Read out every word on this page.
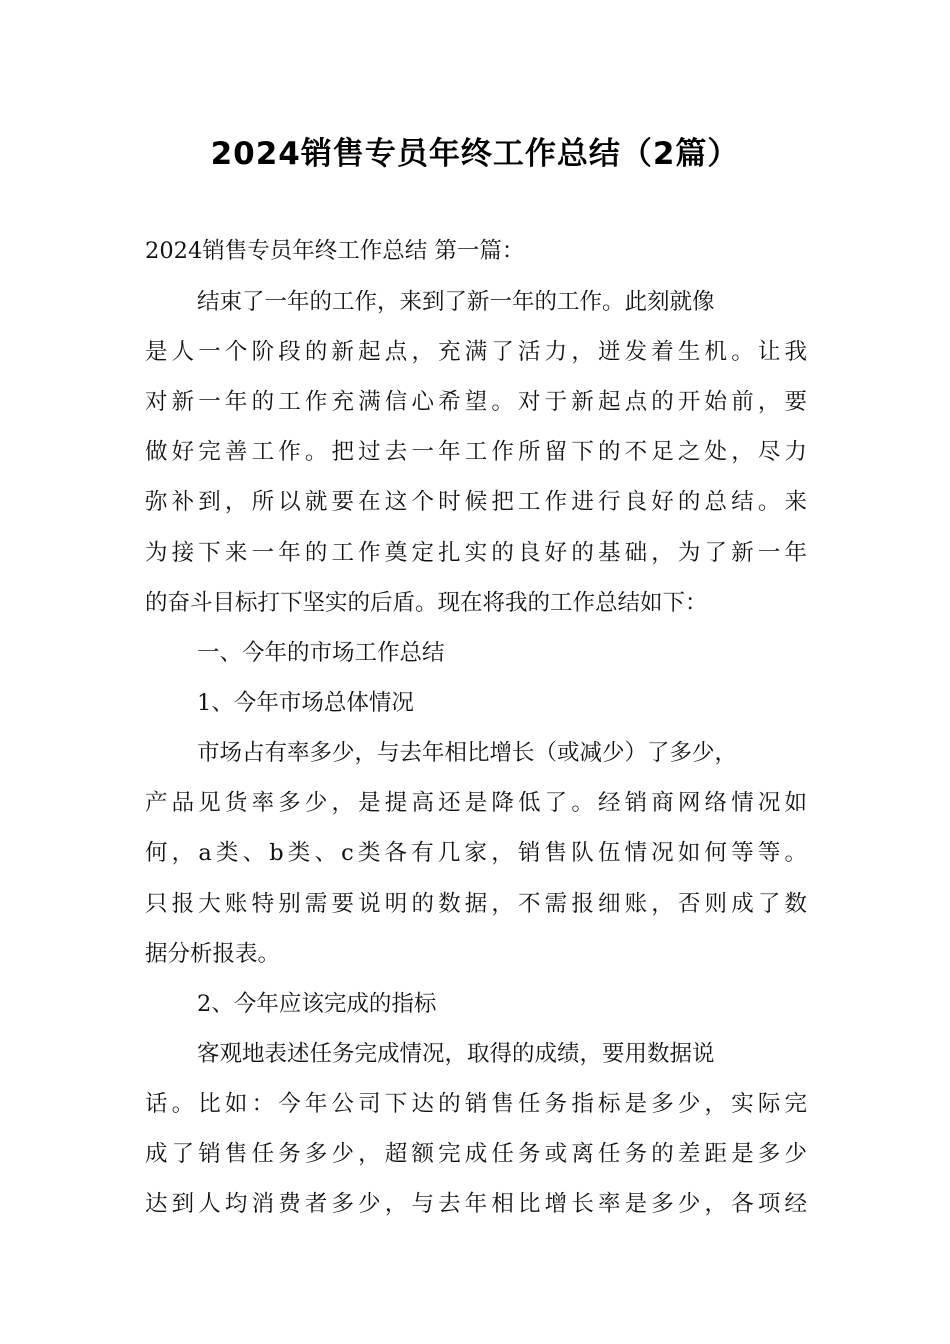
2024销售专员年终工作总结（2篇）
2024销售专员年终工作总结 第一篇：
结束了一年的工作，来到了新一年的工作。此刻就像
是人一个阶段的新起点，充满了活力，迸发着生机。让我
对新一年的工作充满信心希望。对于新起点的开始前，要
做好完善工作。把过去一年工作所留下的不足之处，尽力
弥补到，所以就要在这个时候把工作进行良好的总结。来
为接下来一年的工作奠定扎实的良好的基础，为了新一年
的奋斗目标打下坚实的后盾。现在将我的工作总结如下：
一、今年的市场工作总结
1、今年市场总体情况
市场占有率多少，与去年相比增长（或减少）了多少，
产品见货率多少，是提高还是降低了。经销商网络情况如
何，a类、b类、c类各有几家，销售队伍情况如何等等。
只报大账特别需要说明的数据，不需报细账，否则成了数
据分析报表。
2、今年应该完成的指标
客观地表述任务完成情况，取得的成绩，要用数据说
话。比如：今年公司下达的销售任务指标是多少，实际完
成了销售任务多少，超额完成任务或离任务的差距是多少
达到人均消费者多少，与去年相比增长率是多少，各项经
